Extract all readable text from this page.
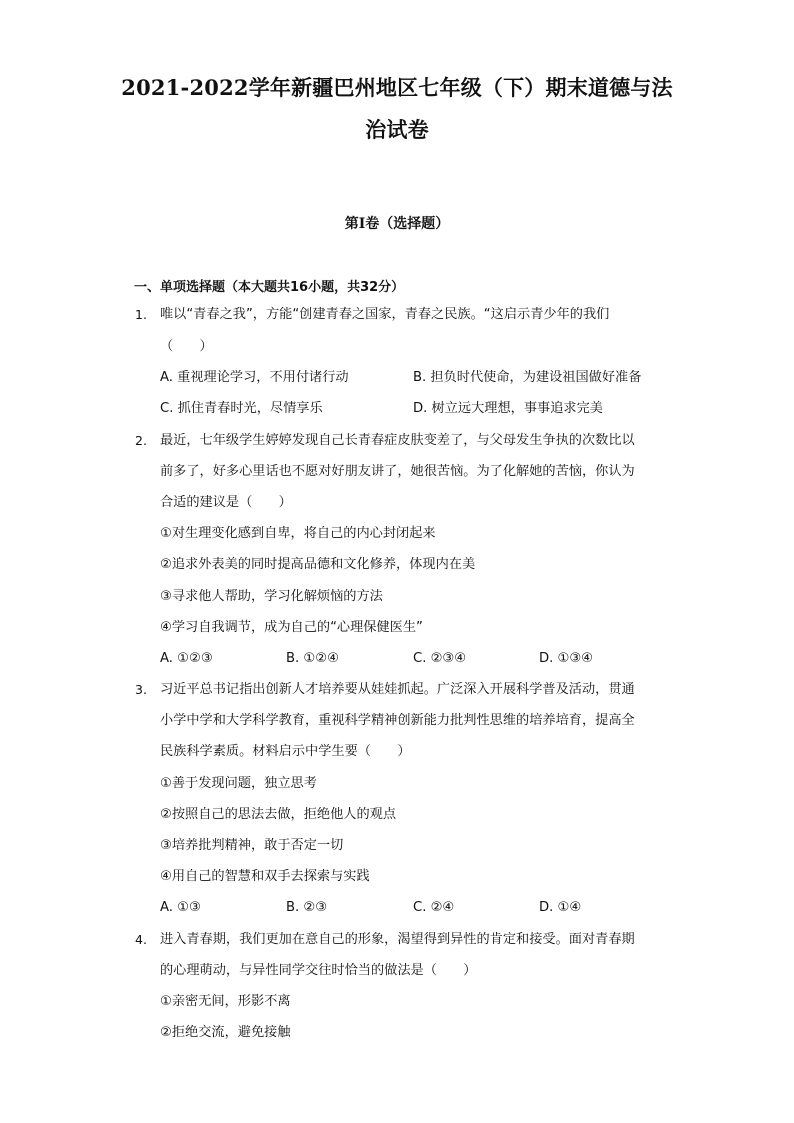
2021-2022学年新疆巴州地区七年级（下）期末道德与法
治试卷
第I卷（选择题）
一、单项选择题（本大题共16小题，共32分）
1. 唯以“青春之我”，方能“创建青春之国家，青春之民族。“这启示青少年的我们
（　　）
A. 重视理论学习，不用付诸行动	B. 担负时代使命，为建设祖国做好准备
C. 抓住青春时光，尽情享乐	D. 树立远大理想，事事追求完美
2. 最近，七年级学生婷婷发现自己长青春症皮肤变差了，与父母发生争执的次数比以
前多了，好多心里话也不愿对好朋友讲了，她很苦恼。为了化解她的苦恼，你认为
合适的建议是（　　）
①对生理变化感到自卑，将自己的内心封闭起来
②追求外表美的同时提高品德和文化修养，体现内在美
③寻求他人帮助，学习化解烦恼的方法
④学习自我调节，成为自己的“心理保健医生”
A. ①②③	B. ①②④	C. ②③④	D. ①③④
3. 习近平总书记指出创新人才培养要从娃娃抓起。广泛深入开展科学普及活动，贯通
小学中学和大学科学教育，重视科学精神创新能力批判性思维的培养培育，提高全
民族科学素质。材料启示中学生要（　　）
①善于发现问题，独立思考
②按照自己的思法去做，拒绝他人的观点
③培养批判精神，敢于否定一切
④用自己的智慧和双手去探索与实践
A. ①③	B. ②③	C. ②④	D. ①④
4. 进入青春期，我们更加在意自己的形象，渴望得到异性的肯定和接受。面对青春期
的心理萌动，与异性同学交往时恰当的做法是（　　）
①亲密无间，形影不离
②拒绝交流，避免接触
